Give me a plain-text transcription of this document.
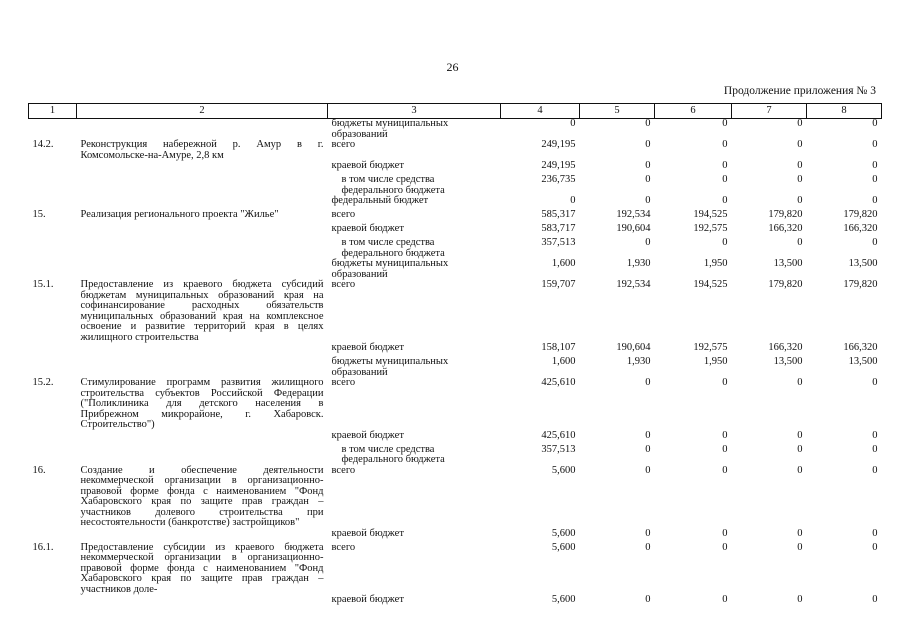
26
Продолжение приложения № 3
1	2	3	4	5	6	7	8
		бюджеты муниципальных образований	0	0	0	0	0
14.2.	Реконструкция набережной р. Амур в г. Комсомольске-на-Амуре, 2,8 км	всего	249,195	0	0	0	0
		краевой бюджет	249,195	0	0	0	0
		в том числе средства федерального бюджета	236,735	0	0	0	0
		федеральный бюджет	0	0	0	0	0
15.	Реализация регионального проекта "Жилье"	всего	585,317	192,534	194,525	179,820	179,820
		краевой бюджет	583,717	190,604	192,575	166,320	166,320
		в том числе средства федерального бюджета	357,513	0	0	0	0
		бюджеты муниципальных образований	1,600	1,930	1,950	13,500	13,500
15.1.	Предоставление из краевого бюджета субсидий бюджетам муниципальных образований края на софинансирование расходных обязательств муниципальных образований края на комплексное освоение и развитие территорий края в целях жилищного строительства	всего	159,707	192,534	194,525	179,820	179,820
		краевой бюджет	158,107	190,604	192,575	166,320	166,320
		бюджеты муниципальных образований	1,600	1,930	1,950	13,500	13,500
15.2.	Стимулирование программ развития жилищного строительства субъектов Российской Федерации ("Поликлиника для детского населения в Прибрежном микрорайоне, г. Хабаровск. Строительство")	всего	425,610	0	0	0	0
		краевой бюджет	425,610	0	0	0	0
		в том числе средства федерального бюджета	357,513	0	0	0	0
16.	Создание и обеспечение деятельности некоммерческой организации в организационно-правовой форме фонда с наименованием "Фонд Хабаровского края по защите прав граждан – участников долевого строительства при несостоятельности (банкротстве) застройщиков"	всего	5,600	0	0	0	0
		краевой бюджет	5,600	0	0	0	0
16.1.	Предоставление субсидии из краевого бюджета некоммерческой организации в организационно-правовой форме фонда с наименованием "Фонд Хабаровского края по защите прав граждан – участников доле-	всего	5,600	0	0	0	0
		краевой бюджет	5,600	0	0	0	0
